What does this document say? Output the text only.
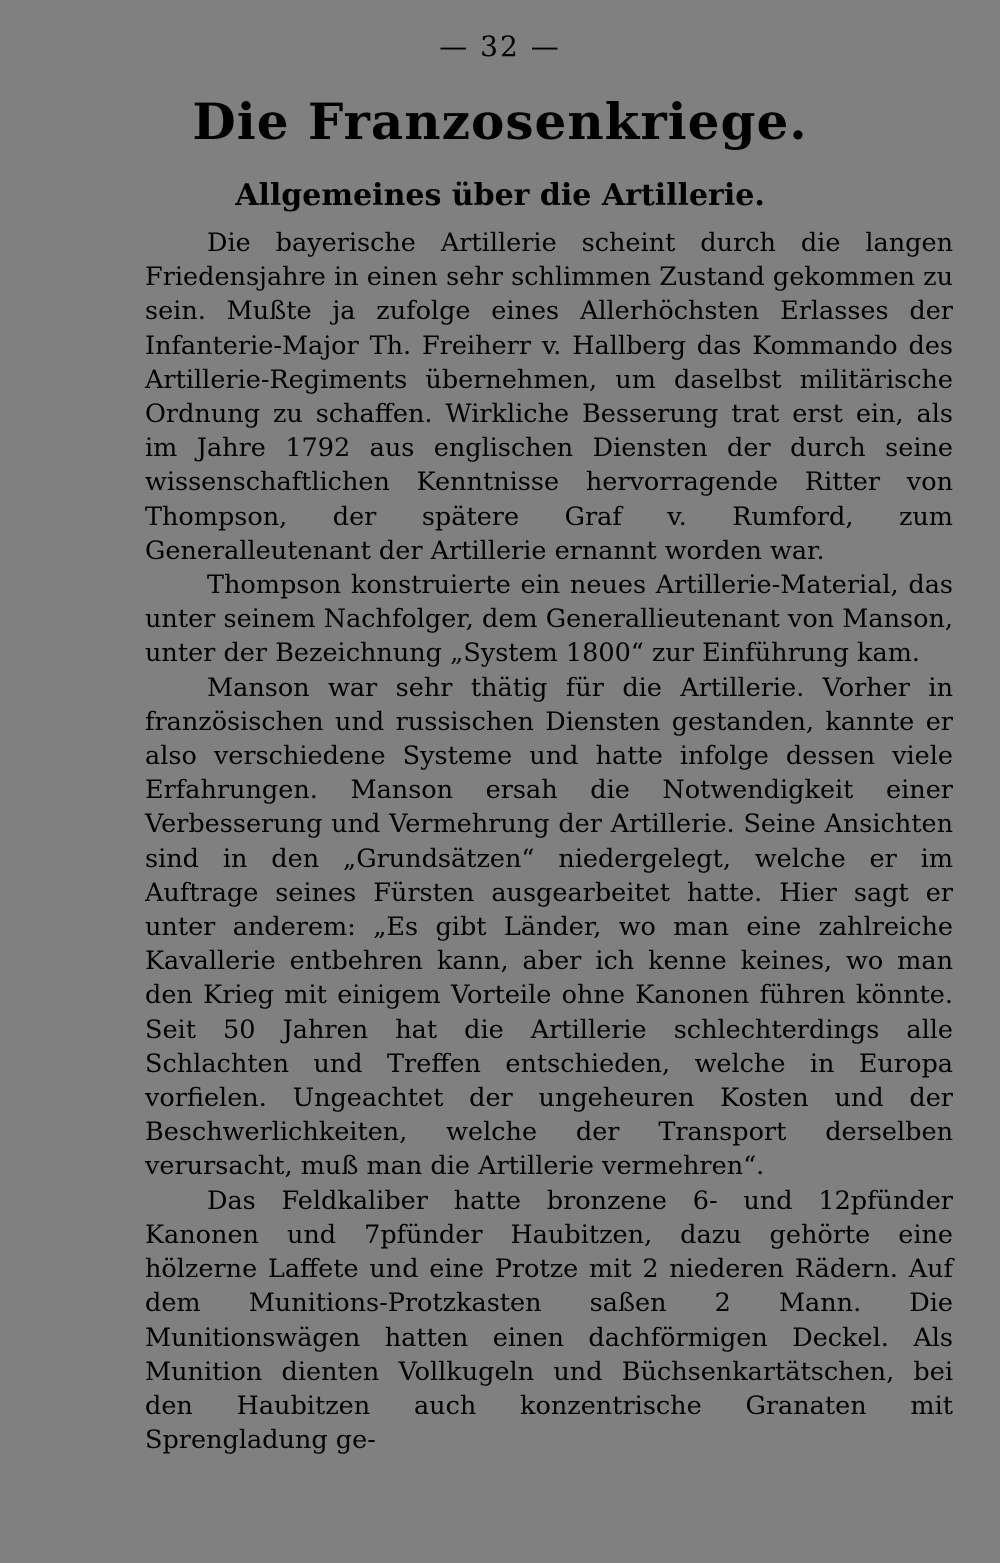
— 32 —
Die Franzosenkriege.
Allgemeines über die Artillerie.

Die bayerische Artillerie scheint durch die langen Friedensjahre in einen sehr schlimmen Zustand gekommen zu sein. Mußte ja zufolge eines Allerhöchsten Erlasses der Infanterie-Major Th. Freiherr v. Hallberg das Kommando des Artillerie-Regiments übernehmen, um daselbst militärische Ordnung zu schaffen. Wirkliche Besserung trat erst ein, als im Jahre 1792 aus englischen Diensten der durch seine wissenschaftlichen Kenntnisse hervorragende Ritter von Thompson, der spätere Graf v. Rumford, zum Generalleutenant der Artillerie ernannt worden war.

Thompson konstruierte ein neues Artillerie-Material, das unter seinem Nachfolger, dem Generallieutenant von Manson, unter der Bezeichnung „System 1800“ zur Einführung kam.

Manson war sehr thätig für die Artillerie. Vorher in französischen und russischen Diensten gestanden, kannte er also verschiedene Systeme und hatte infolge dessen viele Erfahrungen. Manson ersah die Notwendigkeit einer Verbesserung und Vermehrung der Artillerie. Seine Ansichten sind in den „Grundsätzen“ niedergelegt, welche er im Auftrage seines Fürsten ausgearbeitet hatte. Hier sagt er unter anderem: „Es gibt Länder, wo man eine zahlreiche Kavallerie entbehren kann, aber ich kenne keines, wo man den Krieg mit einigem Vorteile ohne Kanonen führen könnte. Seit 50 Jahren hat die Artillerie schlechterdings alle Schlachten und Treffen entschieden, welche in Europa vorfielen. Ungeachtet der ungeheuren Kosten und der Beschwerlichkeiten, welche der Transport derselben verursacht, muß man die Artillerie vermehren“.

Das Feldkaliber hatte bronzene 6- und 12pfünder Kanonen und 7pfünder Haubitzen, dazu gehörte eine hölzerne Laffete und eine Protze mit 2 niederen Rädern. Auf dem Munitions-Protzkasten saßen 2 Mann. Die Munitionswägen hatten einen dachförmigen Deckel. Als Munition dienten Vollkugeln und Büchsenkartätschen, bei den Haubitzen auch konzentrische Granaten mit Sprengladung ge-
